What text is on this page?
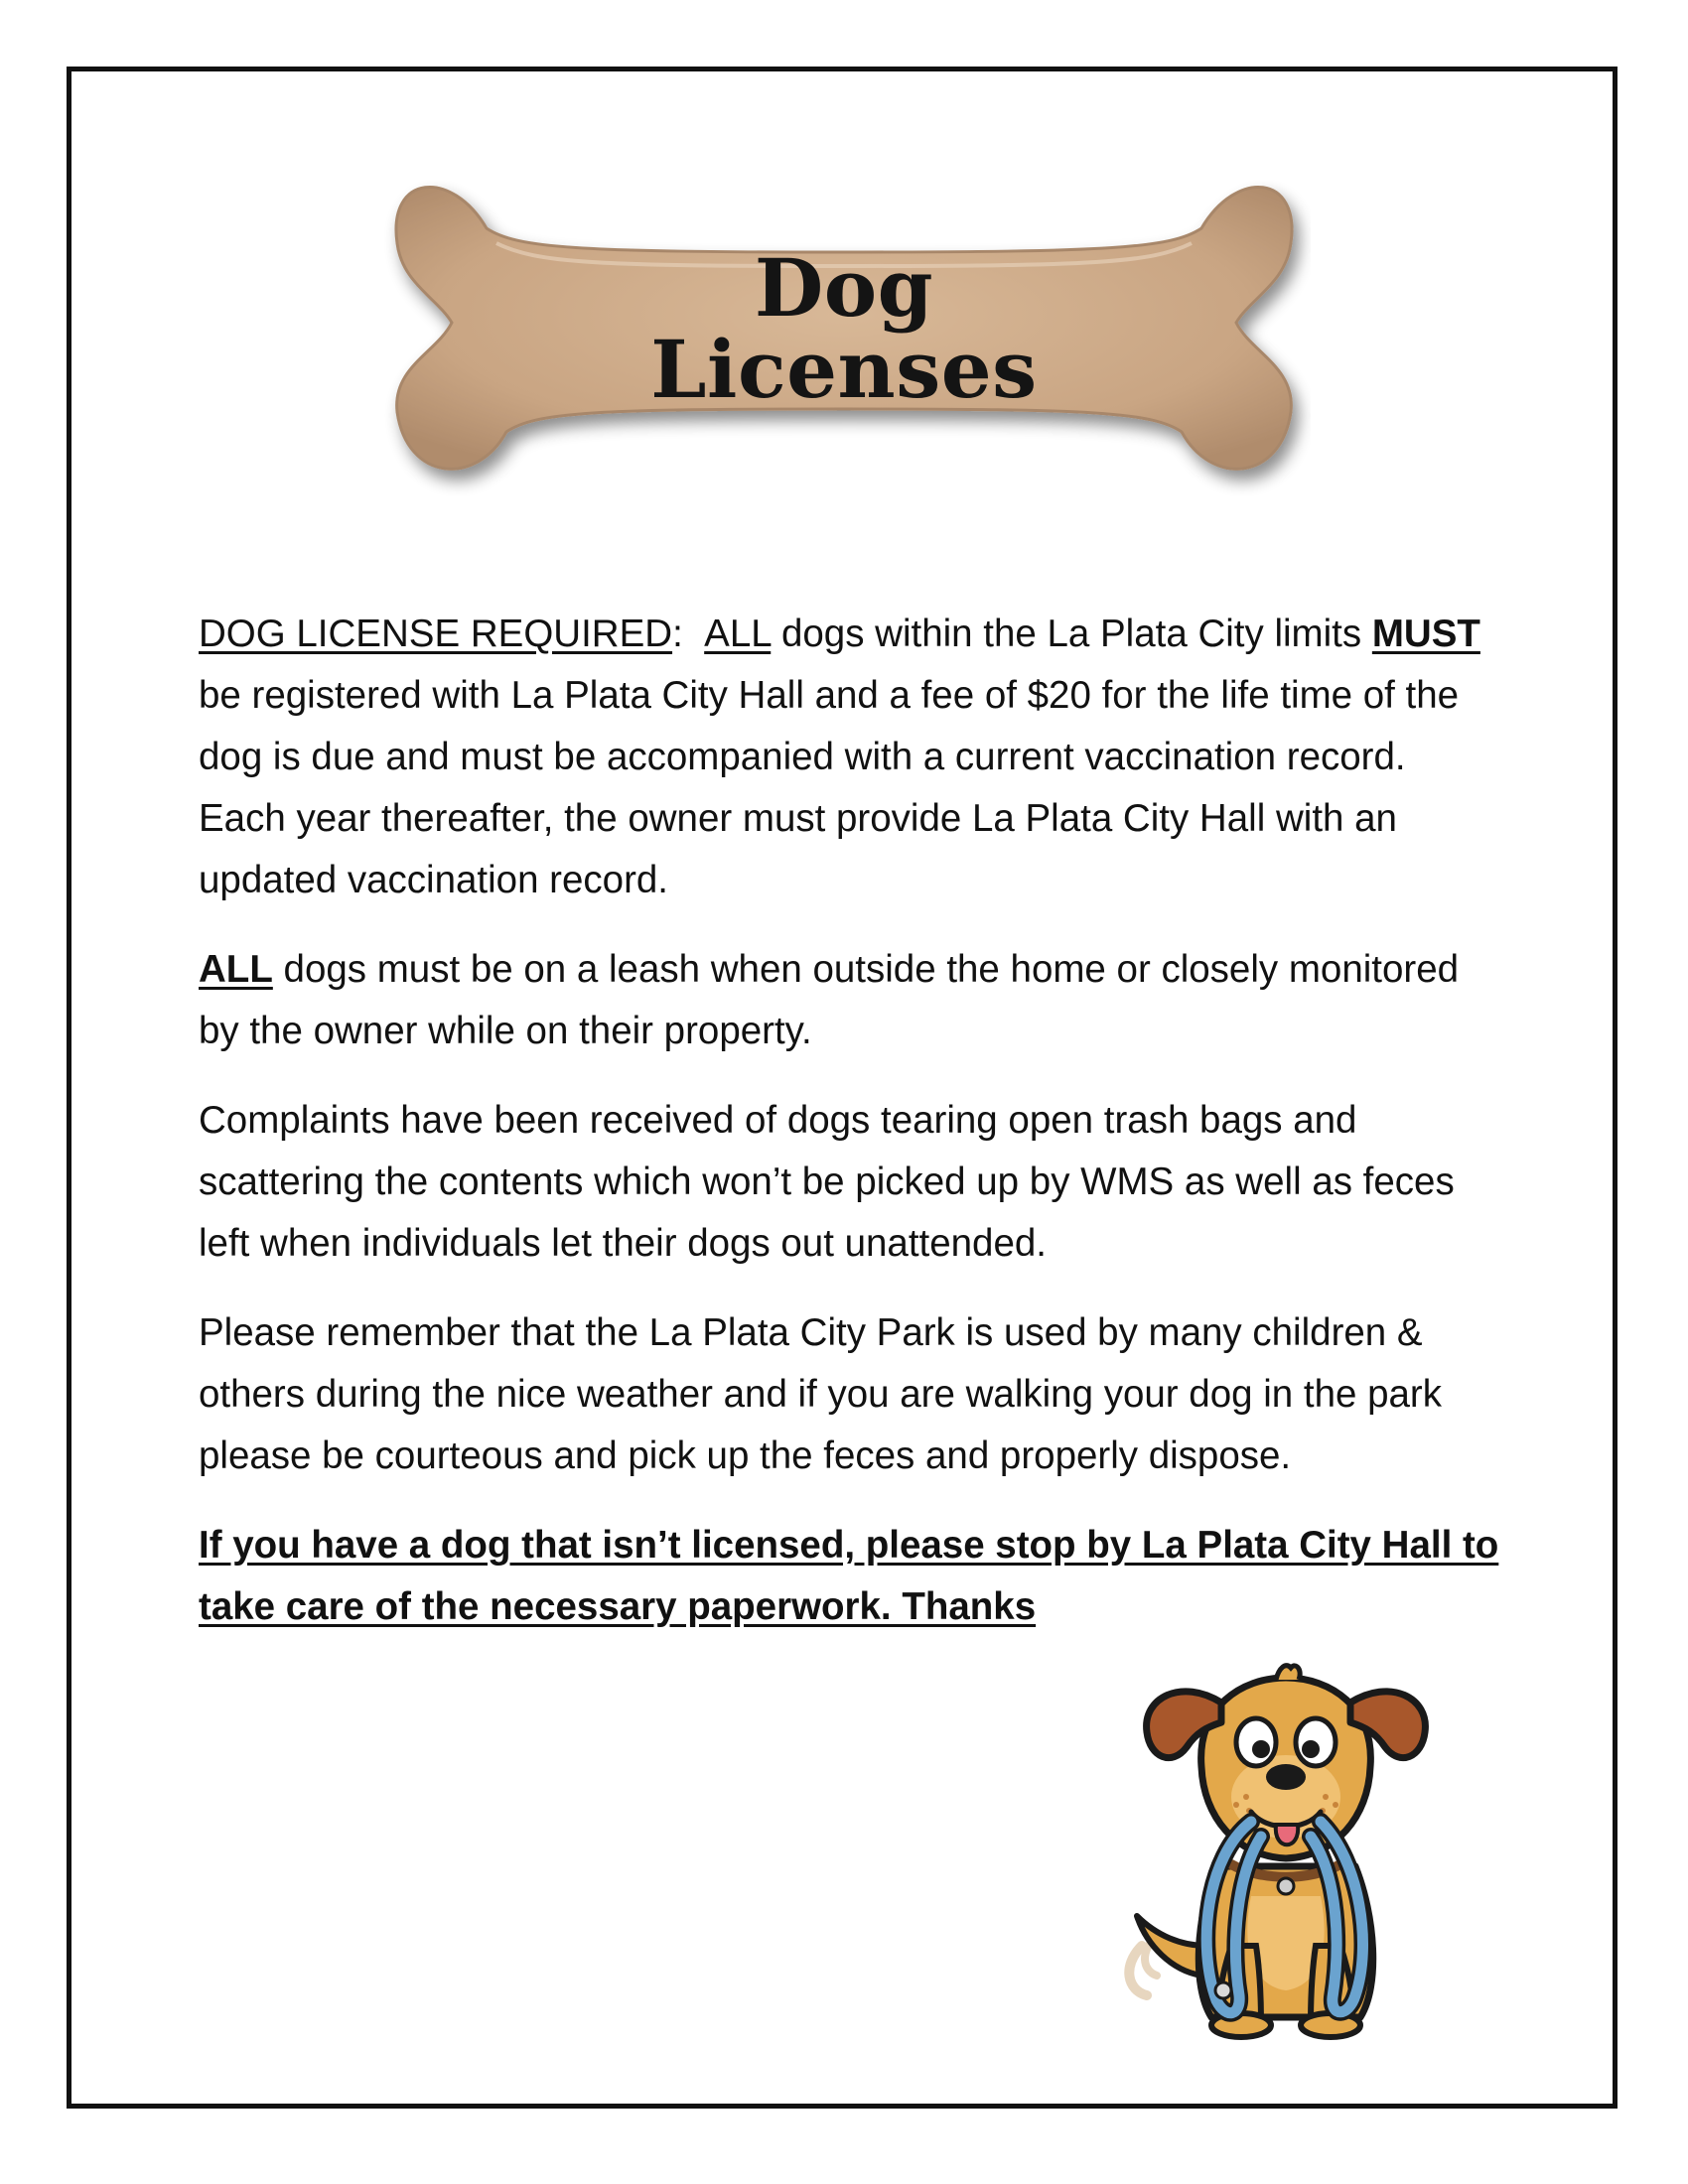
Dog
Licenses

DOG LICENSE REQUIRED: ALL dogs within the La Plata City limits MUST be registered with La Plata City Hall and a fee of $20 for the life time of the dog is due and must be accompanied with a current vaccination record. Each year thereafter, the owner must provide La Plata City Hall with an updated vaccination record.

ALL dogs must be on a leash when outside the home or closely monitored by the owner while on their property.

Complaints have been received of dogs tearing open trash bags and scattering the contents which won’t be picked up by WMS as well as feces left when individuals let their dogs out unattended.

Please remember that the La Plata City Park is used by many children & others during the nice weather and if you are walking your dog in the park please be courteous and pick up the feces and properly dispose.

If you have a dog that isn’t licensed, please stop by La Plata City Hall to take care of the necessary paperwork. Thanks
